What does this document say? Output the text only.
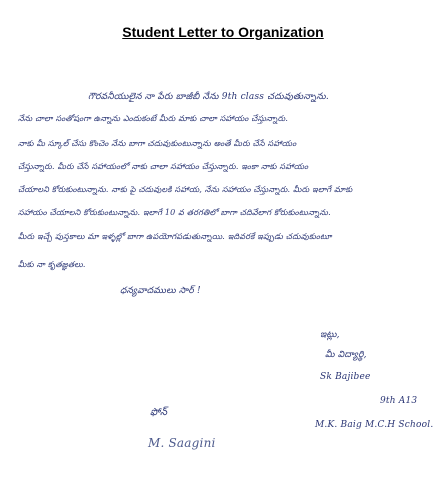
Student Letter to Organization
గౌరవనీయులైన నా పేరు బాజీబీ నేను 9th class చదువుతున్నాను.
నేను చాలా సంతోషంగా ఉన్నాను ఎందుకంటే మీరు మాకు చాలా సహాయం చేస్తున్నారు.
నాకు మీ స్కూల్ చేసు కొంచెం నేను బాగా చదువుకుంటున్నాను అంతే మీరు చేసే సహాయం
చేస్తున్నారు. మీరు చేసే సహాయంలో నాకు చాలా సహాయం చేస్తున్నారు. ఇంకా నాకు సహాయం
చేయాలని కోరుకుంటున్నాను. నాకు పై చదువులకి సహాయ, నేను సహాయం చేస్తున్నారు. మీరు ఇలాగే మాకు
సహాయం చేయాలని కోరుకుంటున్నాను. ఇలాగే 10 వ తరగతిలో బాగా చదివేలాగ కోరుకుంటున్నాను.
మీరు ఇచ్చే పుస్తకాలు మా ఇళ్ళల్లో బాగా ఉపయోగపడుతున్నాయి. ఇదివరకే ఇప్పుడు చదువుకుంటూ
మీకు నా కృతజ్ఞతలు.
ధన్యవాదములు సార్ !
ఇట్లు,
మీ విద్యార్థి,
Sk Bajibee
9th A13
M.K. Baig M.C.H School.
ఫోన్
M. Saagini
